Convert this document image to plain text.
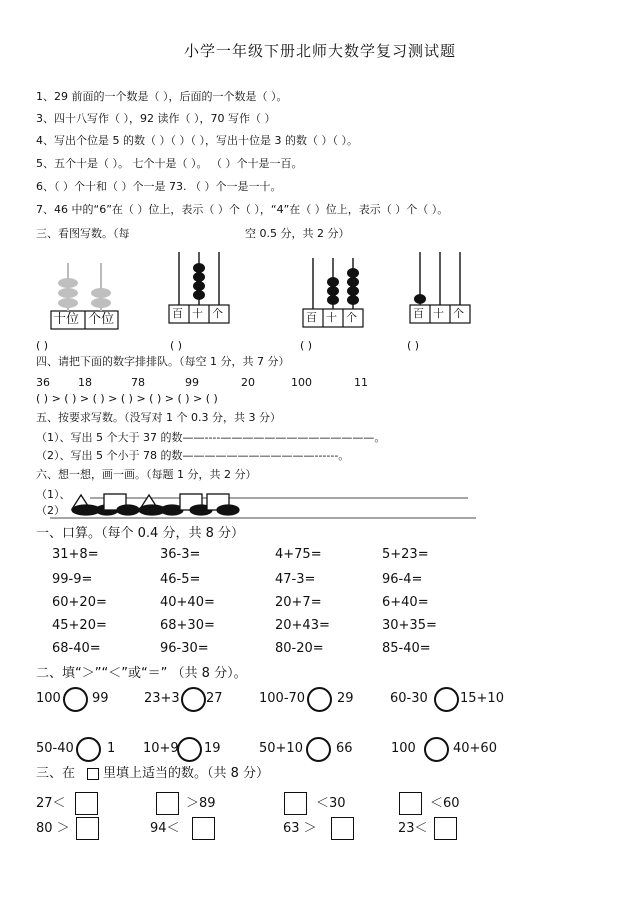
小学一年级下册北师大数学复习测试题
1、29 前面的一个数是（ ），后面的一个数是（ ）。
3、四十八写作（ ），92 读作（ ），70 写作（ ）
4、写出个位是 5 的数（ ）（ ）（ ），写出十位是 3 的数（ ）（ ）。
5、五个十是（ ）。 七个十是（ ）。 （ ）个十是一百。
6、（ ）个十和（ ）个一是 73. （ ）个一是一十。
7、46 中的“6”在（ ）位上，表示（ ）个（ ），“4”在（ ）位上，表示（ ）个（ ）。
三、看图写数。（每	空 0.5 分，共 2 分）
十位 个位	百 十 个	百 十 个	百 十 个
( )	( )	( )	( )
四、请把下面的数字排排队。（每空 1 分，共 7 分）
36	18	78	99	20	100	11
( ) > ( ) > ( ) > ( ) > ( ) > ( ) > ( )
五、按要求写数。（没写对 1 个 0.3 分，共 3 分）
（1）、写出 5 个大于 37 的数——----——————————————。
（2）、写出 5 个小于 78 的数————————————------。
六、想一想，画一画。（每题 1 分，共 2 分）
（1）、
（2）
一、口算。（每个 0.4 分，共 8 分）
31+8=	36-3=	4+75=	5+23=
99-9=	46-5=	47-3=	96-4=
60+20=	40+40=	20+7=	6+40=
45+20=	68+30=	20+43=	30+35=
68-40=	96-30=	80-20=	85-40=
二、填“＞”“＜”或“＝” （共 8 分）。
100 99	23+3 27	100-70 29	60-30 15+10
50-40	1 10+9 19	50+10	66	100	40+60
三、在 里填上适当的数。（共 8 分）
27＜	＞89	＜30	＜60
80 ＞	94＜	63 ＞	23＜
